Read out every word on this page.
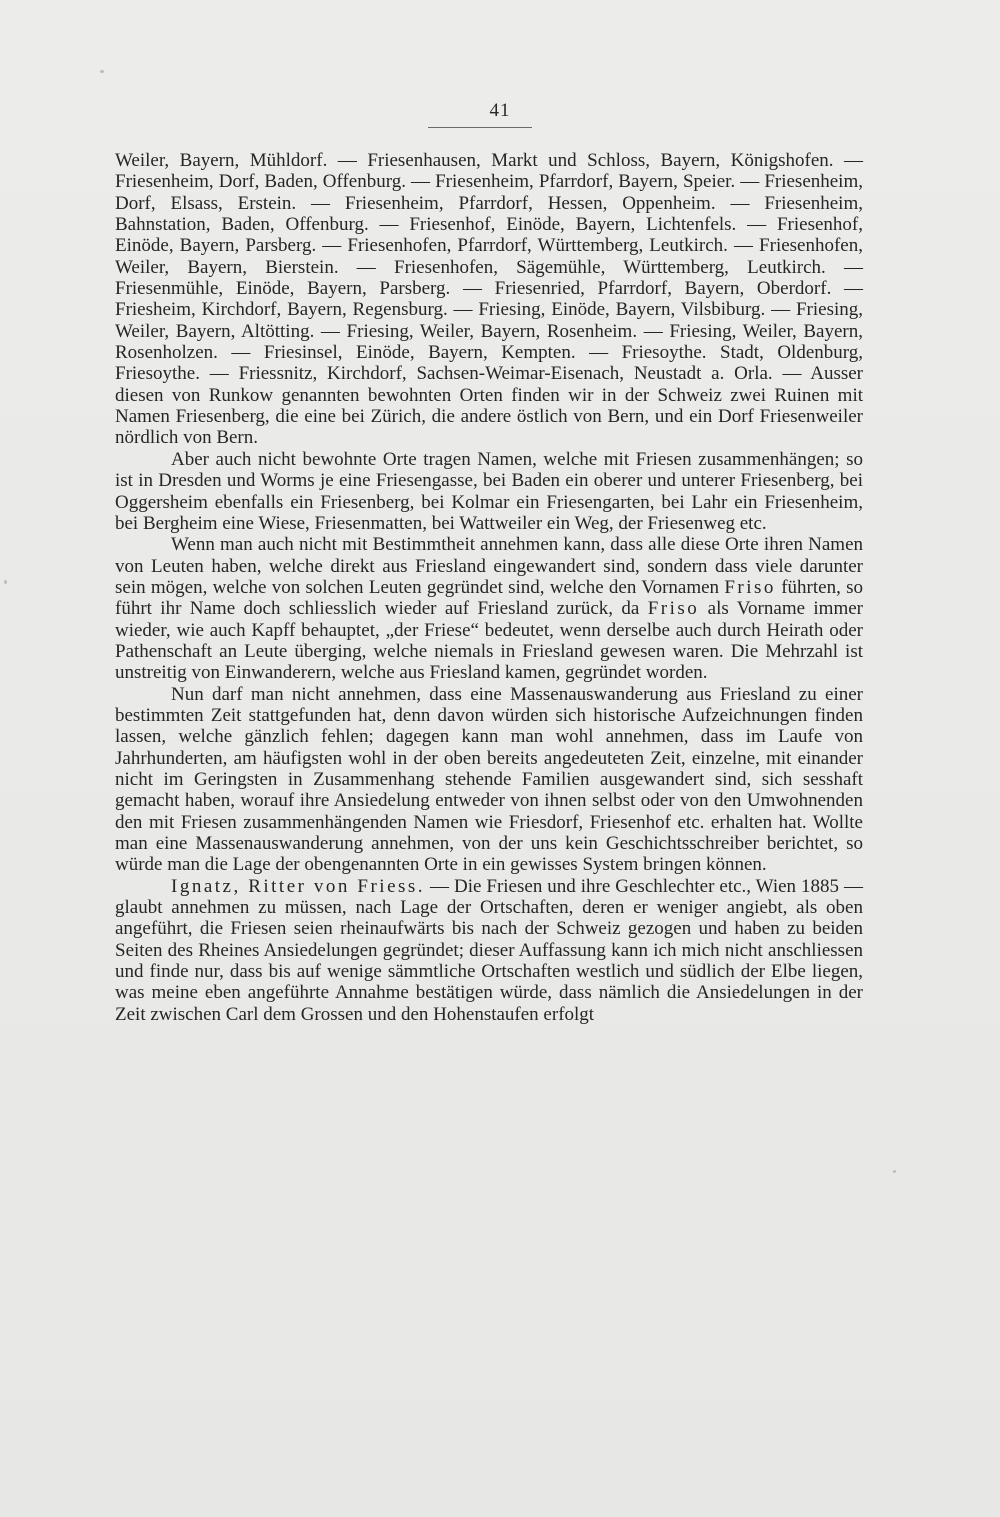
41

Weiler, Bayern, Mühldorf. — Friesenhausen, Markt und Schloss, Bayern, Königshofen. — Friesenheim, Dorf, Baden, Offenburg. — Friesenheim, Pfarrdorf, Bayern, Speier. — Friesenheim, Dorf, Elsass, Erstein. — Friesenheim, Pfarrdorf, Hessen, Oppenheim. — Friesenheim, Bahnstation, Baden, Offenburg. — Friesenhof, Einöde, Bayern, Lichtenfels. — Friesenhof, Einöde, Bayern, Parsberg. — Friesenhofen, Pfarrdorf, Württemberg, Leutkirch. — Friesenhofen, Weiler, Bayern, Bierstein. — Friesenhofen, Sägemühle, Württemberg, Leutkirch. — Friesenmühle, Einöde, Bayern, Parsberg. — Friesenried, Pfarrdorf, Bayern, Oberdorf. — Friesheim, Kirchdorf, Bayern, Regensburg. — Friesing, Einöde, Bayern, Vilsbiburg. — Friesing, Weiler, Bayern, Altötting. — Friesing, Weiler, Bayern, Rosenheim. — Friesing, Weiler, Bayern, Rosenholzen. — Friesinsel, Einöde, Bayern, Kempten. — Friesoythe. Stadt, Oldenburg, Friesoythe. — Friessnitz, Kirchdorf, Sachsen-Weimar-Eisenach, Neustadt a. Orla. — Ausser diesen von Runkow genannten bewohnten Orten finden wir in der Schweiz zwei Ruinen mit Namen Friesenberg, die eine bei Zürich, die andere östlich von Bern, und ein Dorf Friesenweiler nördlich von Bern.

Aber auch nicht bewohnte Orte tragen Namen, welche mit Friesen zusammenhängen; so ist in Dresden und Worms je eine Friesengasse, bei Baden ein oberer und unterer Friesenberg, bei Oggersheim ebenfalls ein Friesenberg, bei Kolmar ein Friesengarten, bei Lahr ein Friesenheim, bei Bergheim eine Wiese, Friesenmatten, bei Wattweiler ein Weg, der Friesenweg etc.

Wenn man auch nicht mit Bestimmtheit annehmen kann, dass alle diese Orte ihren Namen von Leuten haben, welche direkt aus Friesland eingewandert sind, sondern dass viele darunter sein mögen, welche von solchen Leuten gegründet sind, welche den Vornamen Friso führten, so führt ihr Name doch schliesslich wieder auf Friesland zurück, da Friso als Vorname immer wieder, wie auch Kapff behauptet, „der Friese“ bedeutet, wenn derselbe auch durch Heirath oder Pathenschaft an Leute überging, welche niemals in Friesland gewesen waren. Die Mehrzahl ist unstreitig von Einwanderern, welche aus Friesland kamen, gegründet worden.

Nun darf man nicht annehmen, dass eine Massenauswanderung aus Friesland zu einer bestimmten Zeit stattgefunden hat, denn davon würden sich historische Aufzeichnungen finden lassen, welche gänzlich fehlen; dagegen kann man wohl annehmen, dass im Laufe von Jahrhunderten, am häufigsten wohl in der oben bereits angedeuteten Zeit, einzelne, mit einander nicht im Geringsten in Zusammenhang stehende Familien ausgewandert sind, sich sesshaft gemacht haben, worauf ihre Ansiedelung entweder von ihnen selbst oder von den Umwohnenden den mit Friesen zusammenhängenden Namen wie Friesdorf, Friesenhof etc. erhalten hat. Wollte man eine Massenauswanderung annehmen, von der uns kein Geschichtsschreiber berichtet, so würde man die Lage der obengenannten Orte in ein gewisses System bringen können.

Ignatz, Ritter von Friess. — Die Friesen und ihre Geschlechter etc., Wien 1885 — glaubt annehmen zu müssen, nach Lage der Ortschaften, deren er weniger angiebt, als oben angeführt, die Friesen seien rheinaufwärts bis nach der Schweiz gezogen und haben zu beiden Seiten des Rheines Ansiedelungen gegründet; dieser Auffassung kann ich mich nicht anschliessen und finde nur, dass bis auf wenige sämmtliche Ortschaften westlich und südlich der Elbe liegen, was meine eben angeführte Annahme bestätigen würde, dass nämlich die Ansiedelungen in der Zeit zwischen Carl dem Grossen und den Hohenstaufen erfolgt
